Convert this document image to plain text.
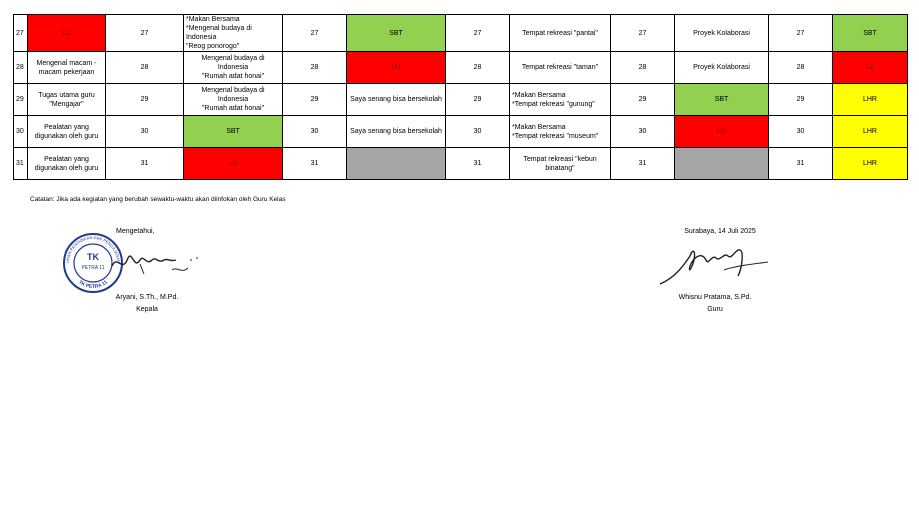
27	LU	27	*Makan Bersama
*Mengenal budaya di Indonesia
"Reog ponorogo"	27	SBT	27	Tempat rekreasi "pantai"	27	Proyek Kolaborasi	27	SBT
28	Mengenal macam -
macam pekerjaan	28	Mengenal budaya di Indonesia
"Rumah adat honai"	28	LU	28	Tempat rekreasi "taman"	28	Proyek Kolaborasi	28	LU
29	Tugas utama guru
"Mengajar"	29	Mengenal budaya di Indonesia
"Rumah adat honai"	29	Saya senang bisa bersekolah	29	*Makan Bersama
*Tempat rekreasi "gunung"	29	SBT	29	LHR
30	Pealatan yang
digunakan oleh guru	30	SBT	30	Saya senang bisa bersekolah	30	*Makan Bersama
*Tempat rekreasi "museum"	30	LU	30	LHR
31	Pealatan yang
digunakan oleh guru	31	LU	31		31	Tempat rekreasi "kebun
binatang"	31		31	LHR
Catatan: Jika ada kegiatan yang berubah sewaktu-waktu akan diinfokan oleh Guru Kelas
Mengetahui,
UNAN PENDIDIKAN DAN PENGAJARAN
TK PETRA 11
TK
PETRA 11
Aryani, S.Th., M.Pd.
Kepala
Surabaya, 14 Juli 2025
Whisnu Pratama, S.Pd.
Guru
